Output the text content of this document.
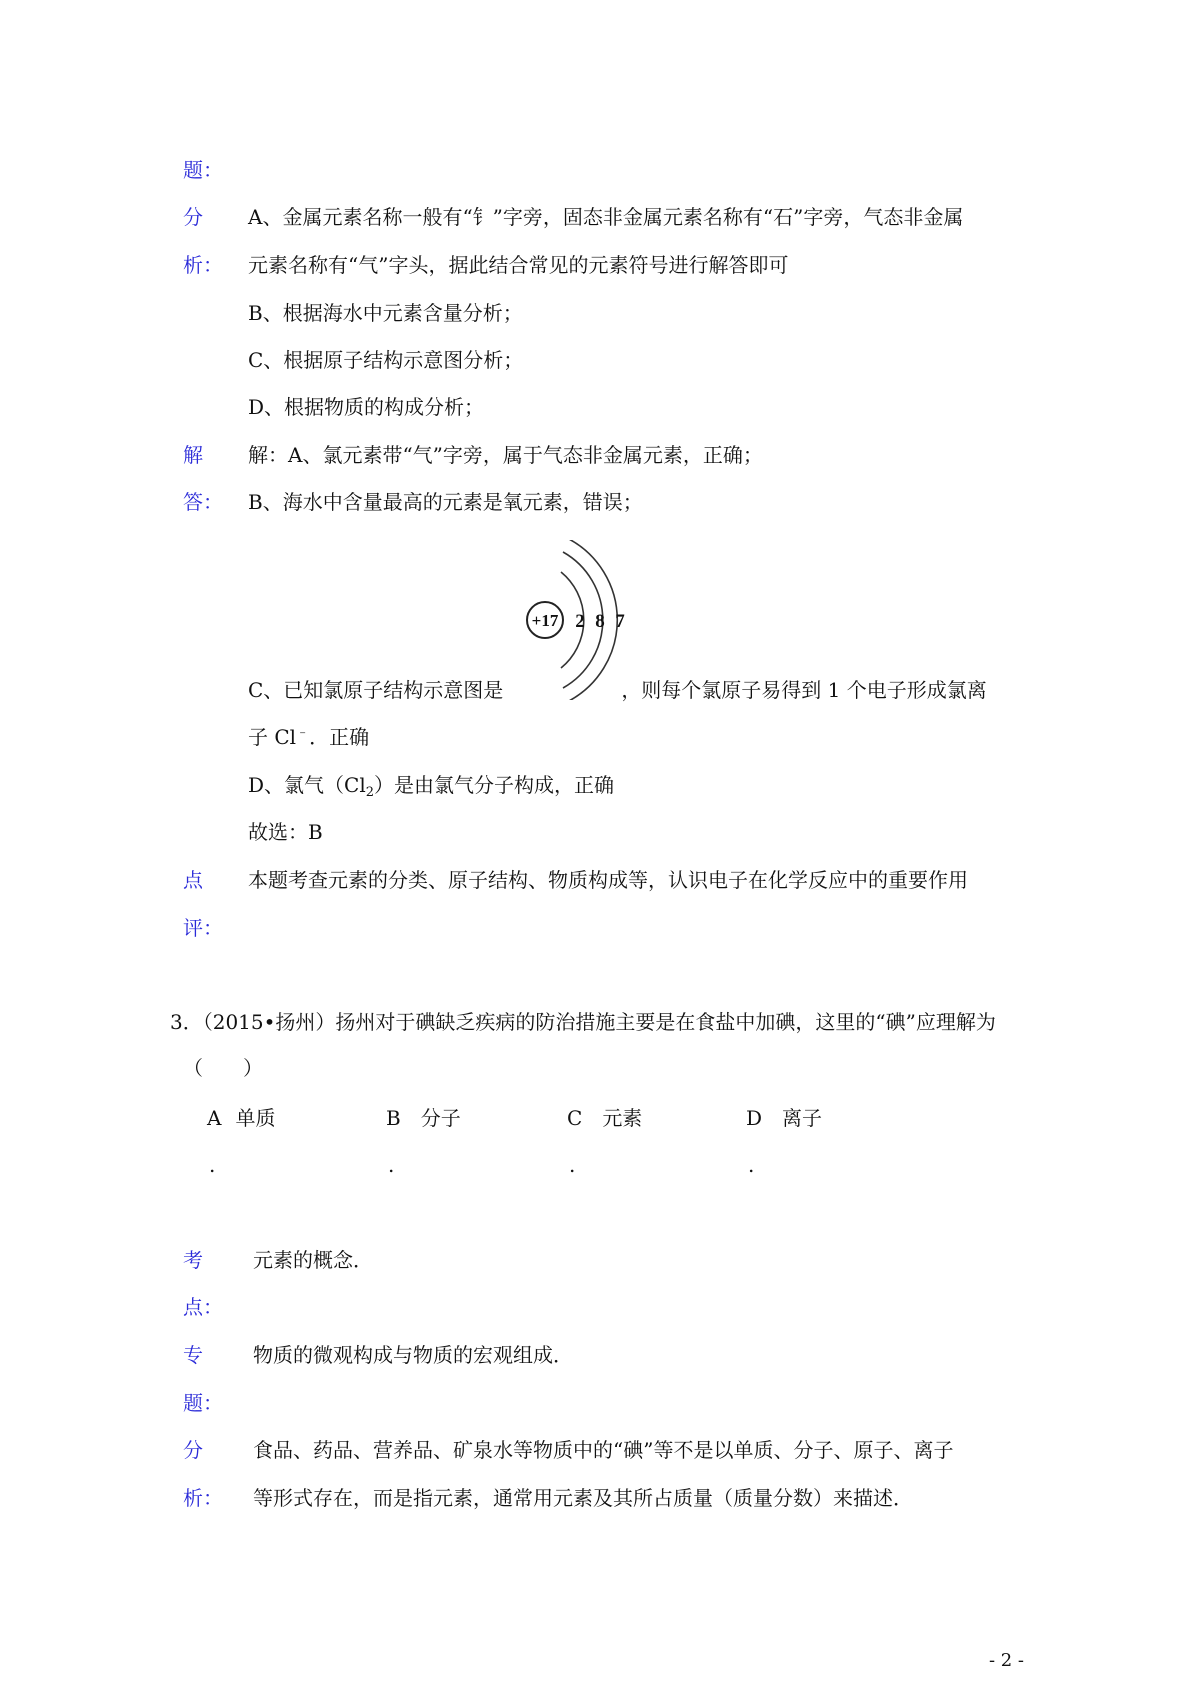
题：
分 A、金属元素名称一般有“钅”字旁，固态非金属元素名称有“石”字旁，气态非金属
析： 元素名称有“气”字头，据此结合常见的元素符号进行解答即可
B、根据海水中元素含量分析；
C、根据原子结构示意图分析；
D、根据物质的构成分析；
解 解：A、氯元素带“气”字旁，属于气态非金属元素，正确；
答： B、海水中含量最高的元素是氧元素，错误；
+17 2 8 7
C、已知氯原子结构示意图是	，则每个氯原子易得到 1 个电子形成氯离
子 Cl﹣．正确
D、氯气$(Cl_2)$是由氯气分子构成，正确
故选：B
点 本题考查元素的分类、原子结构、物质构成等，认识电子在化学反应中的重要作用
评：
3．（2015•扬州）扬州对于碘缺乏疾病的防治措施主要是在食盐中加碘，这里的“碘”应理解为
（　　）
A 单质	B 分子	C 元素	D 离子
.	.	.	.
考	元素的概念．
点：
专	物质的微观构成与物质的宏观组成．
题：
分	食品、药品、营养品、矿泉水等物质中的“碘”等不是以单质、分子、原子、离子
析： 等形式存在，而是指元素，通常用元素及其所占质量（质量分数）来描述．
- 2 -
